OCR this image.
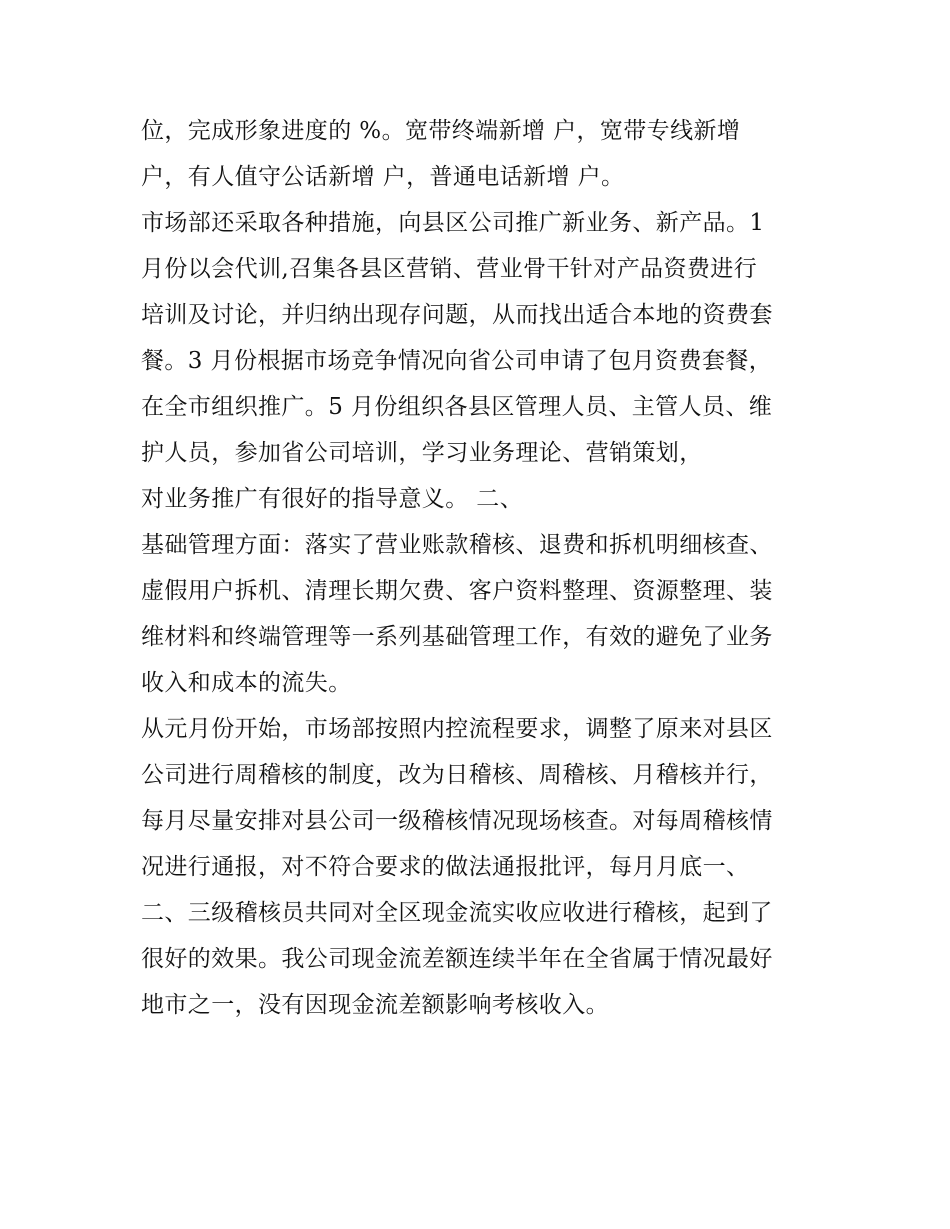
位，完成形象进度的 %。宽带终端新增 户，宽带专线新增
户，有人值守公话新增 户，普通电话新增 户。
市场部还采取各种措施，向县区公司推广新业务、新产品。1
月份以会代训,召集各县区营销、营业骨干针对产品资费进行
培训及讨论，并归纳出现存问题，从而找出适合本地的资费套
餐。3 月份根据市场竞争情况向省公司申请了包月资费套餐，
在全市组织推广。5 月份组织各县区管理人员、主管人员、维
护人员，参加省公司培训，学习业务理论、营销策划，
对业务推广有很好的指导意义。 二、
基础管理方面：落实了营业账款稽核、退费和拆机明细核查、
虚假用户拆机、清理长期欠费、客户资料整理、资源整理、装
维材料和终端管理等一系列基础管理工作，有效的避免了业务
收入和成本的流失。
从元月份开始，市场部按照内控流程要求，调整了原来对县区
公司进行周稽核的制度，改为日稽核、周稽核、月稽核并行，
每月尽量安排对县公司一级稽核情况现场核查。对每周稽核情
况进行通报，对不符合要求的做法通报批评，每月月底一、
二、三级稽核员共同对全区现金流实收应收进行稽核，起到了
很好的效果。我公司现金流差额连续半年在全省属于情况最好
地市之一，没有因现金流差额影响考核收入。
